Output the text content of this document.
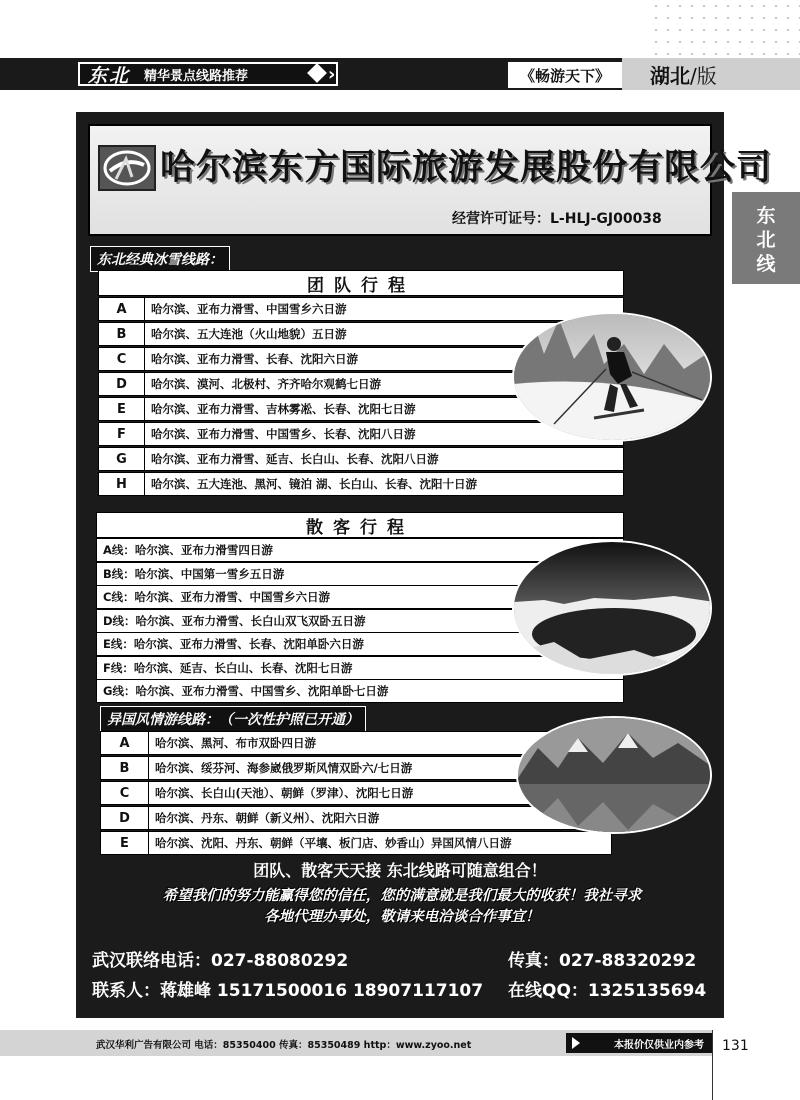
东北	精华景点线路推荐	›	《畅游天下》	湖北 /版
东
北
线
哈尔滨东方国际旅游发展股份有限公司
经营许可证号：L-HLJ-GJ00038
东北经典冰雪线路：
团队行程
A	哈尔滨、亚布力滑雪、中国雪乡六日游
B	哈尔滨、五大连池（火山地貌）五日游
C	哈尔滨、亚布力滑雪、长春、沈阳六日游
D	哈尔滨、漠河、北极村、齐齐哈尔观鹤七日游
E	哈尔滨、亚布力滑雪、吉林雾凇、长春、沈阳七日游
F	哈尔滨、亚布力滑雪、中国雪乡、长春、沈阳八日游
G	哈尔滨、亚布力滑雪、延吉、长白山、长春、沈阳八日游
H	哈尔滨、五大连池、黑河、镜泊 湖、长白山、长春、沈阳十日游
散客行程
A线：哈尔滨、亚布力滑雪四日游
B线：哈尔滨、中国第一雪乡五日游
C线：哈尔滨、亚布力滑雪、中国雪乡六日游
D线：哈尔滨、亚布力滑雪、长白山双飞双卧五日游
E线：哈尔滨、亚布力滑雪、长春、沈阳单卧六日游
F线：哈尔滨、延吉、长白山、长春、沈阳七日游
G线：哈尔滨、亚布力滑雪、中国雪乡、沈阳单卧七日游
异国风情游线路：（一次性护照已开通）
A	哈尔滨、黑河、布市双卧四日游
B	哈尔滨、绥芬河、海参崴俄罗斯风情双卧六/七日游
C	哈尔滨、长白山(天池）、朝鲜（罗津）、沈阳七日游
D	哈尔滨、丹东、朝鲜（新义州）、沈阳六日游
E	哈尔滨、沈阳、丹东、朝鲜（平壤、板门店、妙香山）异国风情八日游
团队、散客天天接 东北线路可随意组合！
希望我们的努力能赢得您的信任，您的满意就是我们最大的收获！我社寻求
各地代理办事处，敬请来电洽谈合作事宜！
武汉联络电话：027-88080292	传真：027-88320292
联系人：蒋雄峰 15171500016 18907117107 在线QQ：1325135694
武汉华利广告有限公司 电话：85350400 传真：85350489 http：www.zyoo.net	本报价仅供业内参考	131
